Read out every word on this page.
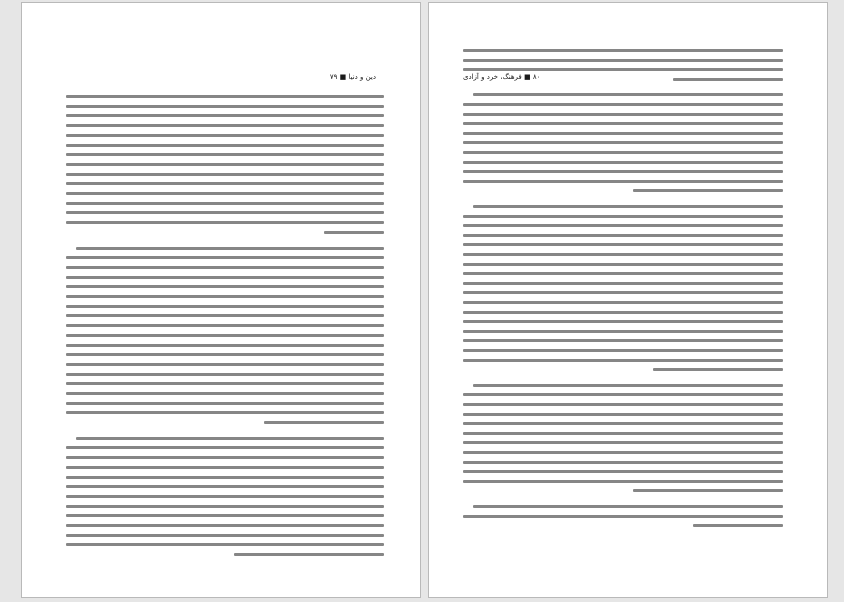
دین و دنیا ■ ۷۹	۸۰ ■ فرهنگ، خرد و آزادی
